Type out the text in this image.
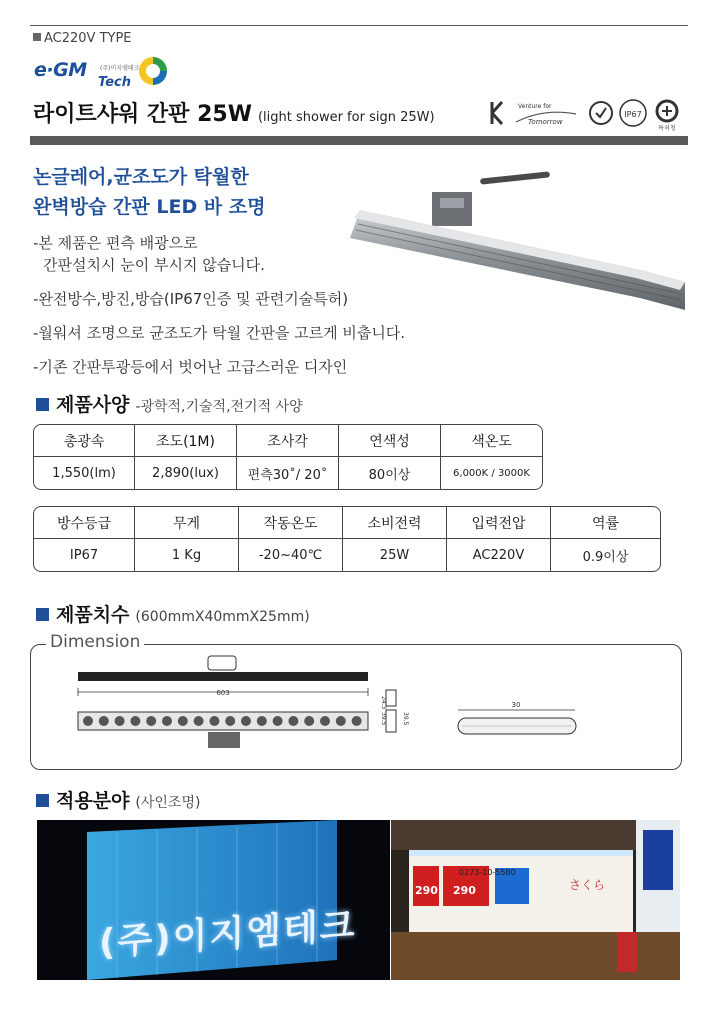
AC220V TYPE
e·GM (주)이지엠테크
Tech
라이트샤워 간판 25W (light shower for sign 25W)
Venture for
Tomorrow
IP67
특허청
논글레어,균조도가 탁월한
완벽방습 간판 LED 바 조명
-본 제품은 편측 배광으로
간판설치시 눈이 부시지 않습니다.
-완전방수,방진,방습(IP67인증 및 관련기술특허)
-월워셔 조명으로 균조도가 탁월 간판을 고르게 비춥니다.
-기존 간판투광등에서 벗어난 고급스러운 디자인
제품사양 -광학적,기술적,전기적 사양
총광속	조도(1M)	조사각	연색성	색온도
1,550(lm)	2,890(lux)	편측30˚/ 20˚	80이상	6,000K / 3000K
방수등급	무게	작동온도	소비전력	입력전압	역률
IP67	1 Kg	-20~40℃	25W	AC220V	0.9이상
제품치수 (600mmX40mmX25mm)
Dimension
603
24.3
39.5	39.5
30
적용분야 (사인조명)
(주)이지엠테크
0273-10-5580
290 290	さくら
